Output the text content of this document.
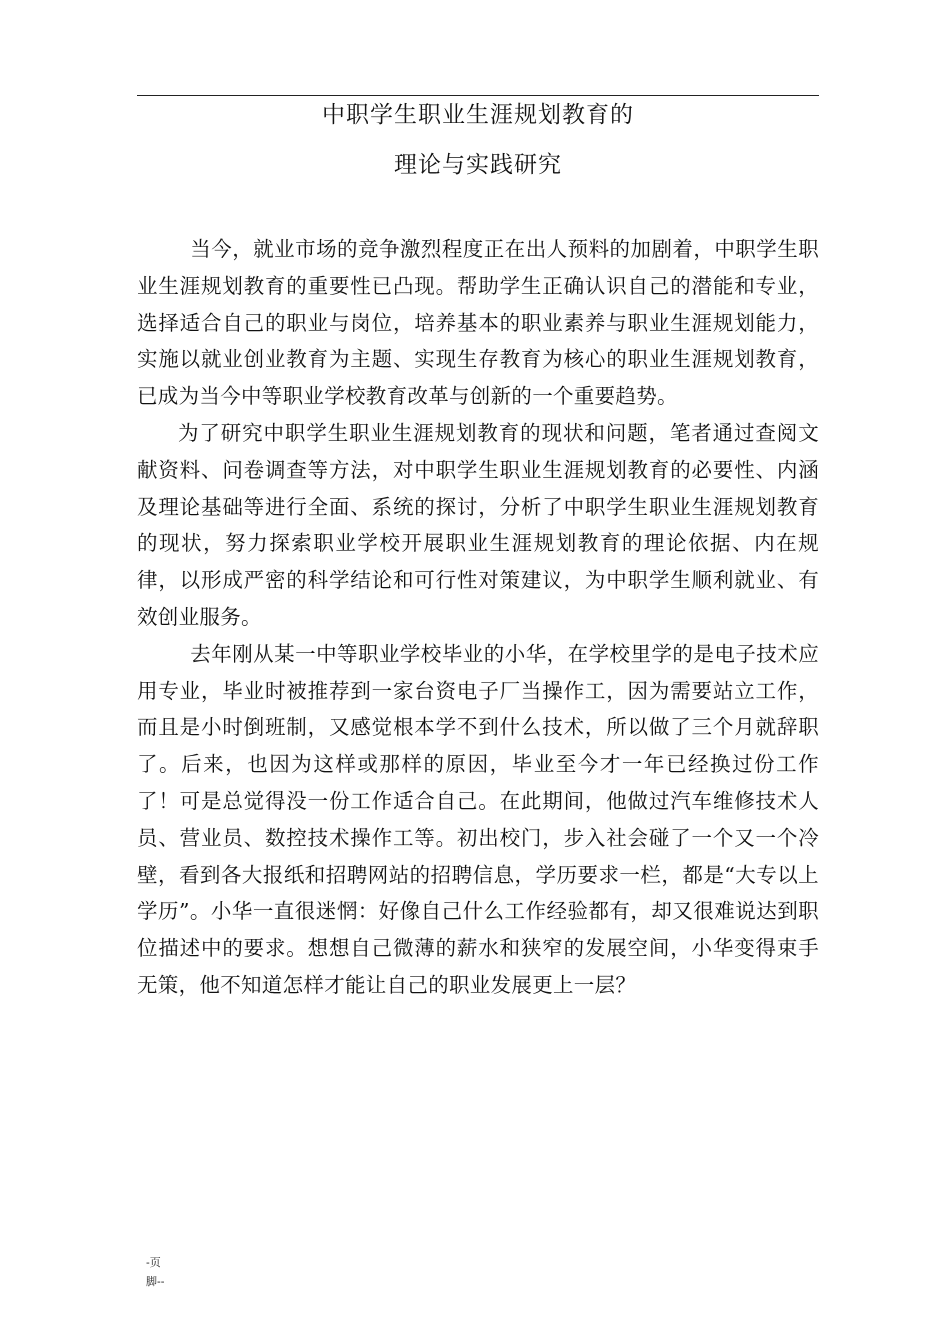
中职学生职业生涯规划教育的
理论与实践研究

当今，就业市场的竞争激烈程度正在出人预料的加剧着，中职学生职业生涯规划教育的重要性已凸现。帮助学生正确认识自己的潜能和专业，选择适合自己的职业与岗位，培养基本的职业素养与职业生涯规划能力，实施以就业创业教育为主题、实现生存教育为核心的职业生涯规划教育，已成为当今中等职业学校教育改革与创新的一个重要趋势。

为了研究中职学生职业生涯规划教育的现状和问题，笔者通过查阅文献资料、问卷调查等方法，对中职学生职业生涯规划教育的必要性、内涵及理论基础等进行全面、系统的探讨，分析了中职学生职业生涯规划教育的现状，努力探索职业学校开展职业生涯规划教育的理论依据、内在规律，以形成严密的科学结论和可行性对策建议，为中职学生顺利就业、有效创业服务。

去年刚从某一中等职业学校毕业的小华，在学校里学的是电子技术应用专业，毕业时被推荐到一家台资电子厂当操作工，因为需要站立工作，而且是小时倒班制，又感觉根本学不到什么技术，所以做了三个月就辞职了。后来，也因为这样或那样的原因，毕业至今才一年已经换过份工作了！可是总觉得没一份工作适合自己。在此期间，他做过汽车维修技术人员、营业员、数控技术操作工等。初出校门，步入社会碰了一个又一个冷壁，看到各大报纸和招聘网站的招聘信息，学历要求一栏，都是“大专以上学历”。小华一直很迷惘：好像自己什么工作经验都有，却又很难说达到职位描述中的要求。想想自己微薄的薪水和狭窄的发展空间，小华变得束手无策，他不知道怎样才能让自己的职业发展更上一层？

-页
脚--
